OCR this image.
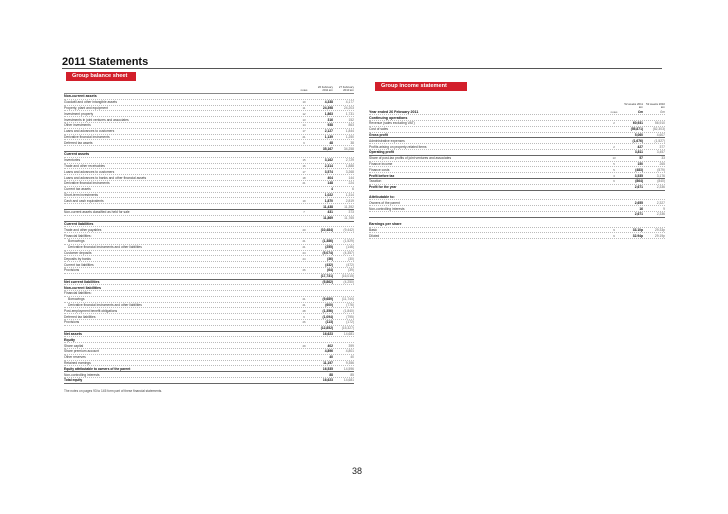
2011 Statements
Group balance sheet
notes
26 February 2011 £m
27 February 2010 £m
Non-current assets
Goodwill and other intangible assets	10	4,338	4,177
Property, plant and equipment	11	24,398	24,203
Investment property	12	1,863	1,731
Investments in joint ventures and associates	13	316	152
Other investments	14	938	863
Loans and advances to customers	17	2,127	1,844
Derivative financial instruments	21	1,139	1,250
Deferred tax assets	6	48	38
35,167	34,258
Current assets
Inventories	15	3,162	2,729
Trade and other receivables	16	2,314	1,888
Loans and advances to customers	17	3,574	3,268
Loans and advances to banks and other financial assets	18	404	144
Derivative financial instruments	21	148	224
Current tax assets	4	6
Short-term investments	1,022	1,314
Cash and cash equivalents	19	1,870	2,819
11,438	11,392
Non-current assets classified as held for sale	7	431	373
11,869	11,765
Current liabilities
Trade and other payables	20	(10,484)	(9,442)
Financial liabilities:
Borrowings	21	(1,386)	(1,529)
Derivative financial instruments and other liabilities	21	(255)	(146)
Customer deposits	24	(5,074)	(4,357)
Deposits by banks	24	(36)	(30)
Current tax liabilities	(432)	(472)
Provisions	26	(64)	(39)
(17,731)	(16,015)
Net current liabilities	(5,862)	(4,250)
Non-current liabilities
Financial liabilities:
Borrowings	21	(9,689)	(11,744)
Derivative financial instruments and other liabilities	21	(600)	(776)
Post-employment benefit obligations	28	(1,356)	(1,840)
Deferred tax liabilities	6	(1,094)	(795)
Provisions	26	(113)	(172)
(12,852)	(15,327)
Net assets	16,623	14,681
Equity
Share capital	29	402	399
Share premium account	4,896	4,801
Other reserves	40	40
Retained earnings	11,197	9,356
Equity attributable to owners of the parent	16,535	14,596
Non-controlling interests	88	85
Total equity	16,623	14,681
The notes on pages 93 to 145 form part of these financial statements.
Group income statement
52 weeks 2011 £m
52 weeks 2010 £m
Year ended 26 February 2011	notes	£m	£m
Continuing operations
Revenue (sales excluding VAT)	2	60,931	56,910
Cost of sales	(55,871)	(52,303)
Gross profit	5,060	4,607
Administrative expenses	(1,676)	(1,527)
Profits arising on property-related items	2	427	377
Operating profit	3,811	3,457
Share of post-tax profits of joint ventures and associates	13	57	33
Finance income	5	150	265
Finance costs	5	(483)	(579)
Profit before tax	3	3,535	3,176
Taxation	6	(864)	(840)
Profit for the year	2,671	2,336
Attributable to:
Owners of the parent	2,655	2,327
Non-controlling interests	16	9
2,671	2,336
Earnings per share
Basic	9	33.10p	29.33p
Diluted	9	32.94p	29.19p
38
